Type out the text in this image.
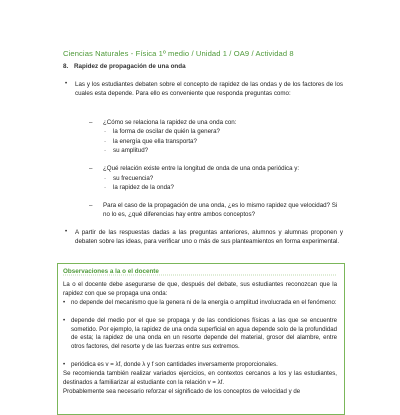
Ciencias Naturales - Física 1º medio / Unidad 1 / OA9 / Actividad 8
8. Rapidez de propagación de una onda
• Las y los estudiantes debaten sobre el concepto de rapidez de las ondas y de los factores de los cuales esta depende. Para ello es conveniente que responda preguntas como:
– ¿Cómo se relaciona la rapidez de una onda con:
· la forma de oscilar de quién la genera?
· la energía que ella transporta?
· su amplitud?
– ¿Qué relación existe entre la longitud de onda de una onda periódica y:
· su frecuencia?
· la rapidez de la onda?
– Para el caso de la propagación de una onda, ¿es lo mismo rapidez que velocidad? Si no lo es, ¿qué diferencias hay entre ambos conceptos?
• A partir de las respuestas dadas a las preguntas anteriores, alumnos y alumnas proponen y debaten sobre las ideas, para verificar uno o más de sus planteamientos en forma experimental.
Observaciones a la o el docente
La o el docente debe asegurarse de que, después del debate, sus estudiantes reconozcan que la rapidez con que se propaga una onda:
• no depende del mecanismo que la genera ni de la energía o amplitud involucrada en el fenómeno:
• depende del medio por el que se propaga y de las condiciones físicas a las que se encuentre sometido. Por ejemplo, la rapidez de una onda superficial en agua depende solo de la profundidad de esta; la rapidez de una onda en un resorte depende del material, grosor del alambre, entre otros factores, del resorte y de las fuerzas entre sus extremos.
• periódica es v = λf, donde λ y f son cantidades inversamente proporcionales.
Se recomienda también realizar variados ejercicios, en contextos cercanos a los y las estudiantes, destinados a familiarizar al estudiante con la relación v = λf.
Probablemente sea necesario reforzar el significado de los conceptos de velocidad y de
